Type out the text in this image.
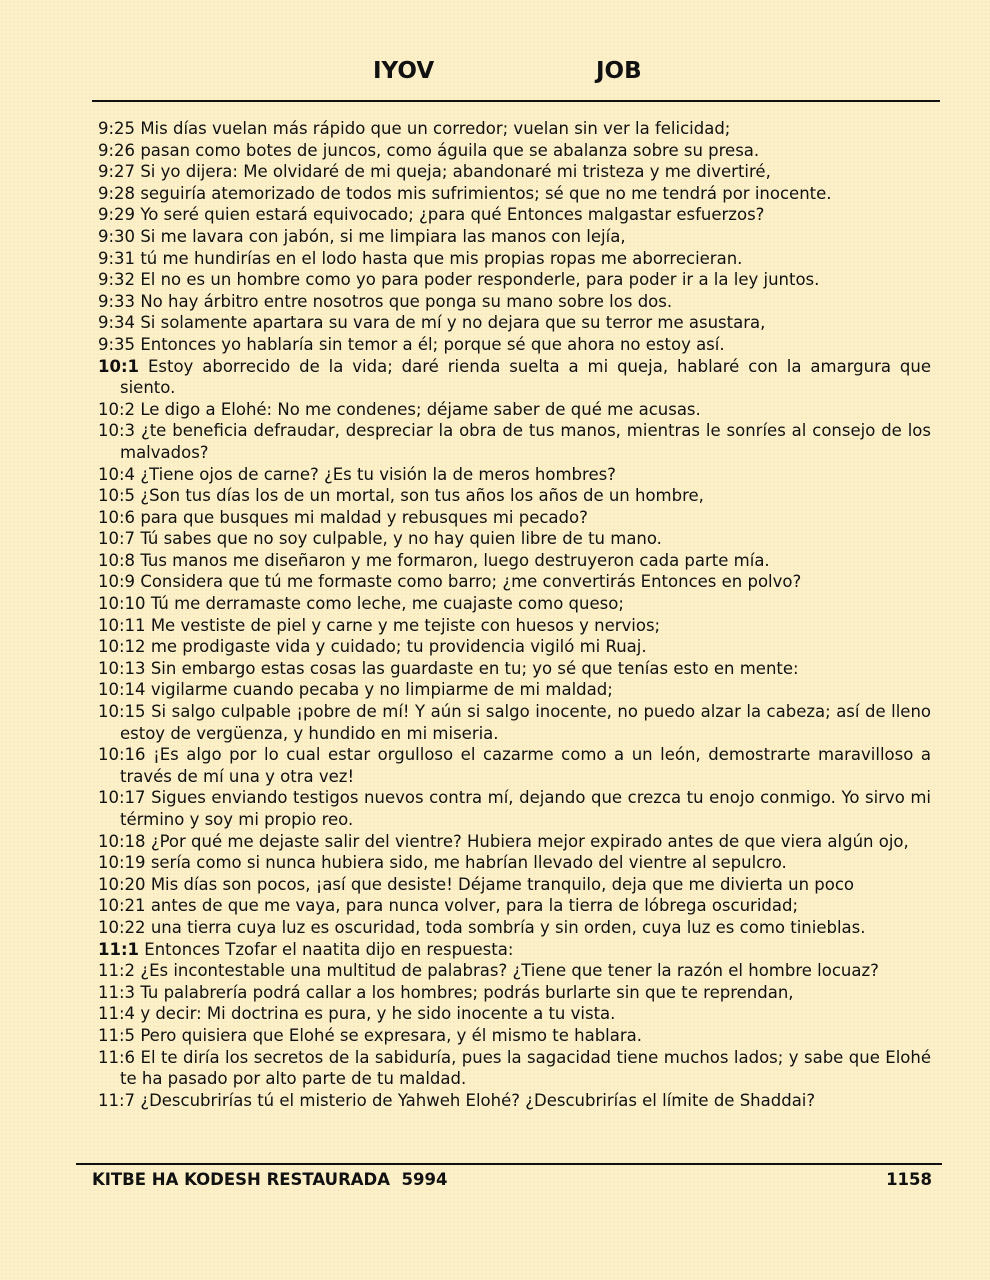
IYOV	JOB
9:25 Mis días vuelan más rápido que un corredor; vuelan sin ver la felicidad;
9:26 pasan como botes de juncos, como águila que se abalanza sobre su presa.
9:27 Si yo dijera: Me olvidaré de mi queja; abandonaré mi tristeza y me divertiré,
9:28 seguiría atemorizado de todos mis sufrimientos; sé que no me tendrá por inocente.
9:29 Yo seré quien estará equivocado; ¿para qué Entonces malgastar esfuerzos?
9:30 Si me lavara con jabón, si me limpiara las manos con lejía,
9:31 tú me hundirías en el lodo hasta que mis propias ropas me aborrecieran.
9:32 El no es un hombre como yo para poder responderle, para poder ir a la ley juntos.
9:33 No hay árbitro entre nosotros que ponga su mano sobre los dos.
9:34 Si solamente apartara su vara de mí y no dejara que su terror me asustara,
9:35 Entonces yo hablaría sin temor a él; porque sé que ahora no estoy así.
10:1 Estoy aborrecido de la vida; daré rienda suelta a mi queja, hablaré con la amargura que siento.
10:2 Le digo a Elohé: No me condenes; déjame saber de qué me acusas.
10:3 ¿te beneficia defraudar, despreciar la obra de tus manos, mientras le sonríes al consejo de los malvados?
10:4 ¿Tiene ojos de carne? ¿Es tu visión la de meros hombres?
10:5 ¿Son tus días los de un mortal, son tus años los años de un hombre,
10:6 para que busques mi maldad y rebusques mi pecado?
10:7 Tú sabes que no soy culpable, y no hay quien libre de tu mano.
10:8 Tus manos me diseñaron y me formaron, luego destruyeron cada parte mía.
10:9 Considera que tú me formaste como barro; ¿me convertirás Entonces en polvo?
10:10 Tú me derramaste como leche, me cuajaste como queso;
10:11 Me vestiste de piel y carne y me tejiste con huesos y nervios;
10:12 me prodigaste vida y cuidado; tu providencia vigiló mi Ruaj.
10:13 Sin embargo estas cosas las guardaste en tu; yo sé que tenías esto en mente:
10:14 vigilarme cuando pecaba y no limpiarme de mi maldad;
10:15 Si salgo culpable ¡pobre de mí! Y aún si salgo inocente, no puedo alzar la cabeza; así de lleno estoy de vergüenza, y hundido en mi miseria.
10:16 ¡Es algo por lo cual estar orgulloso el cazarme como a un león, demostrarte maravilloso a través de mí una y otra vez!
10:17 Sigues enviando testigos nuevos contra mí, dejando que crezca tu enojo conmigo. Yo sirvo mi término y soy mi propio reo.
10:18 ¿Por qué me dejaste salir del vientre? Hubiera mejor expirado antes de que viera algún ojo,
10:19 sería como si nunca hubiera sido, me habrían llevado del vientre al sepulcro.
10:20 Mis días son pocos, ¡así que desiste! Déjame tranquilo, deja que me divierta un poco
10:21 antes de que me vaya, para nunca volver, para la tierra de lóbrega oscuridad;
10:22 una tierra cuya luz es oscuridad, toda sombría y sin orden, cuya luz es como tinieblas.
11:1 Entonces Tzofar el naatita dijo en respuesta:
11:2 ¿Es incontestable una multitud de palabras? ¿Tiene que tener la razón el hombre locuaz?
11:3 Tu palabrería podrá callar a los hombres; podrás burlarte sin que te reprendan,
11:4 y decir: Mi doctrina es pura, y he sido inocente a tu vista.
11:5 Pero quisiera que Elohé se expresara, y él mismo te hablara.
11:6 El te diría los secretos de la sabiduría, pues la sagacidad tiene muchos lados; y sabe que Elohé te ha pasado por alto parte de tu maldad.
11:7 ¿Descubrirías tú el misterio de Yahweh Elohé? ¿Descubrirías el límite de Shaddai?
KITBE HA KODESH RESTAURADA  5994	1158
